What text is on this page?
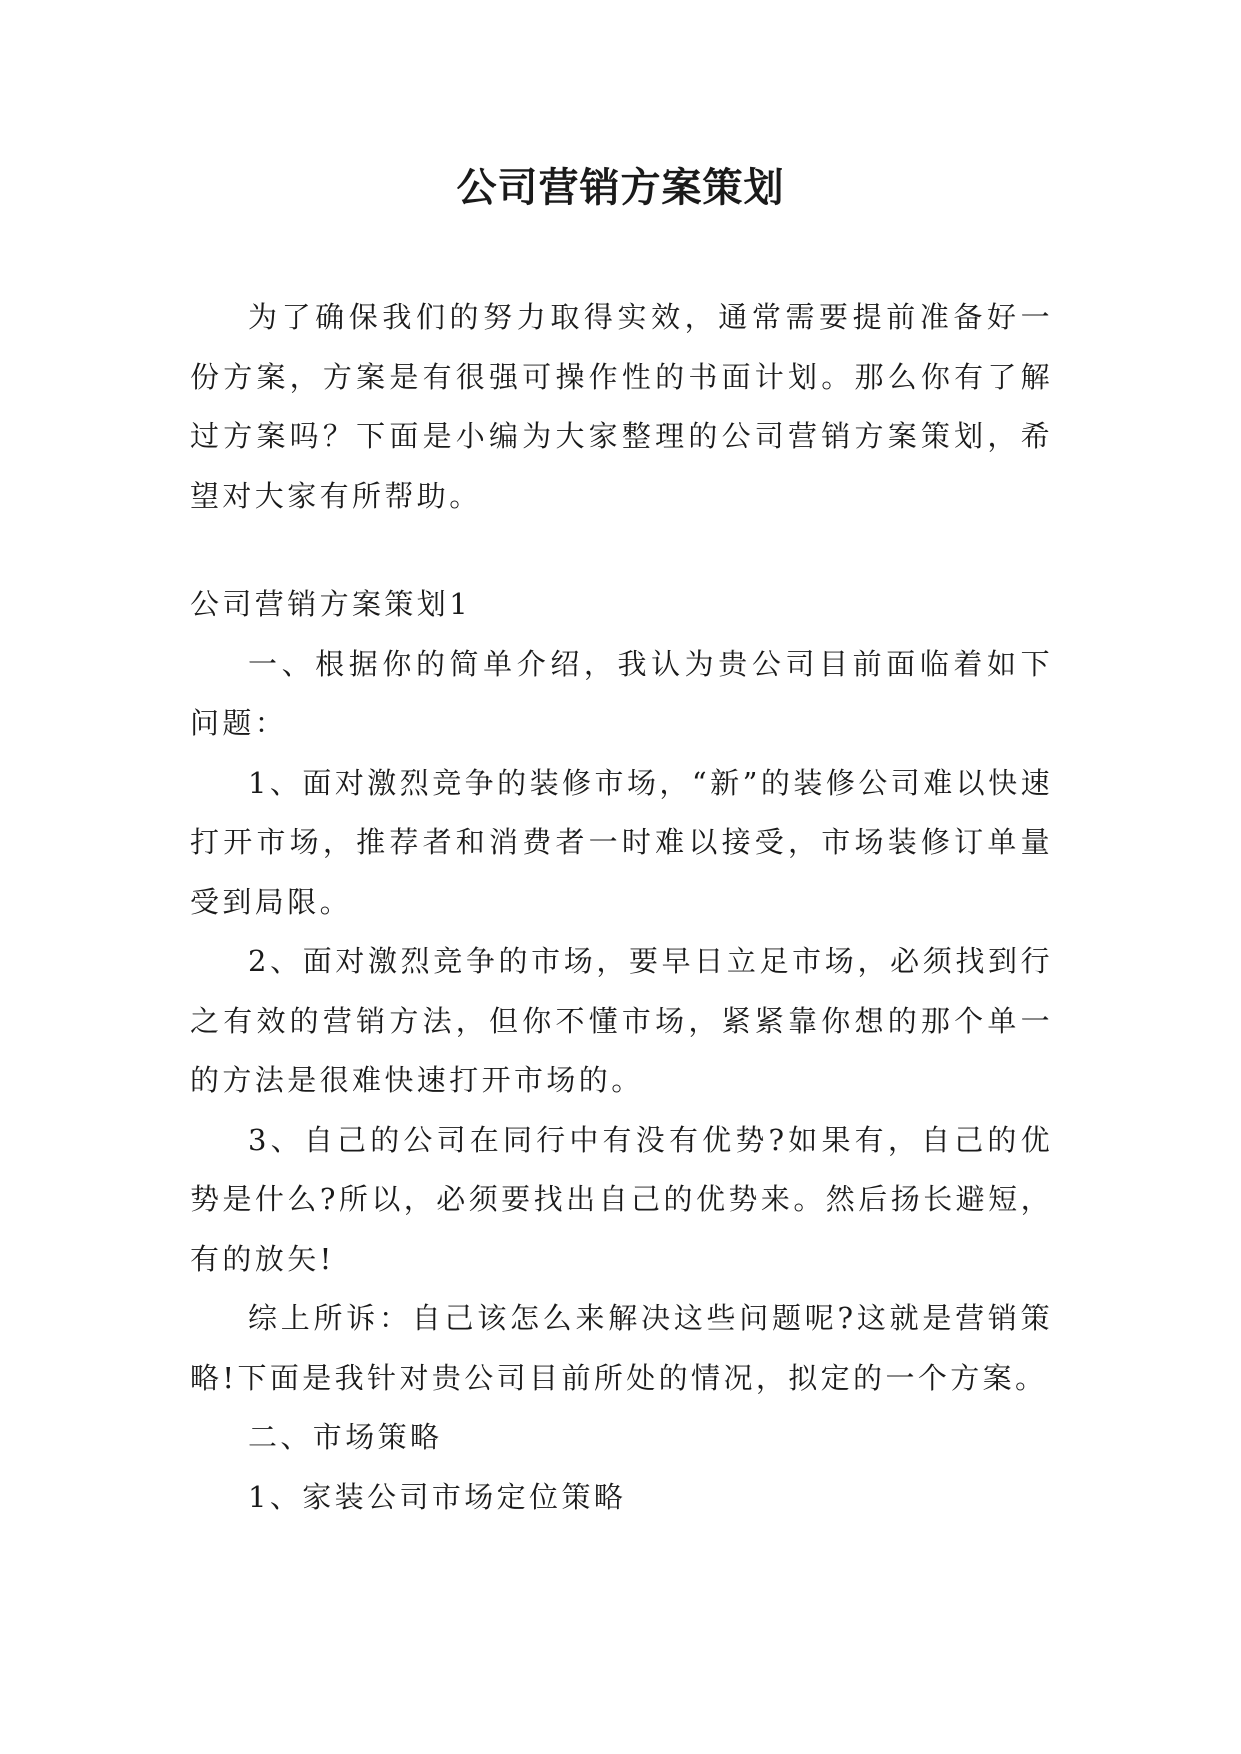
公司营销方案策划

为了确保我们的努力取得实效，通常需要提前准备好一份方案，方案是有很强可操作性的书面计划。那么你有了解过方案吗？下面是小编为大家整理的公司营销方案策划，希望对大家有所帮助。

公司营销方案策划1

一、根据你的简单介绍，我认为贵公司目前面临着如下问题：

1、面对激烈竞争的装修市场，“新”的装修公司难以快速打开市场，推荐者和消费者一时难以接受，市场装修订单量受到局限。

2、面对激烈竞争的市场，要早日立足市场，必须找到行之有效的营销方法，但你不懂市场，紧紧靠你想的那个单一的方法是很难快速打开市场的。

3、自己的公司在同行中有没有优势?如果有，自己的优势是什么?所以，必须要找出自己的优势来。然后扬长避短，有的放矢!

综上所诉：自己该怎么来解决这些问题呢?这就是营销策略!下面是我针对贵公司目前所处的情况，拟定的一个方案。

二、市场策略

1、家装公司市场定位策略
